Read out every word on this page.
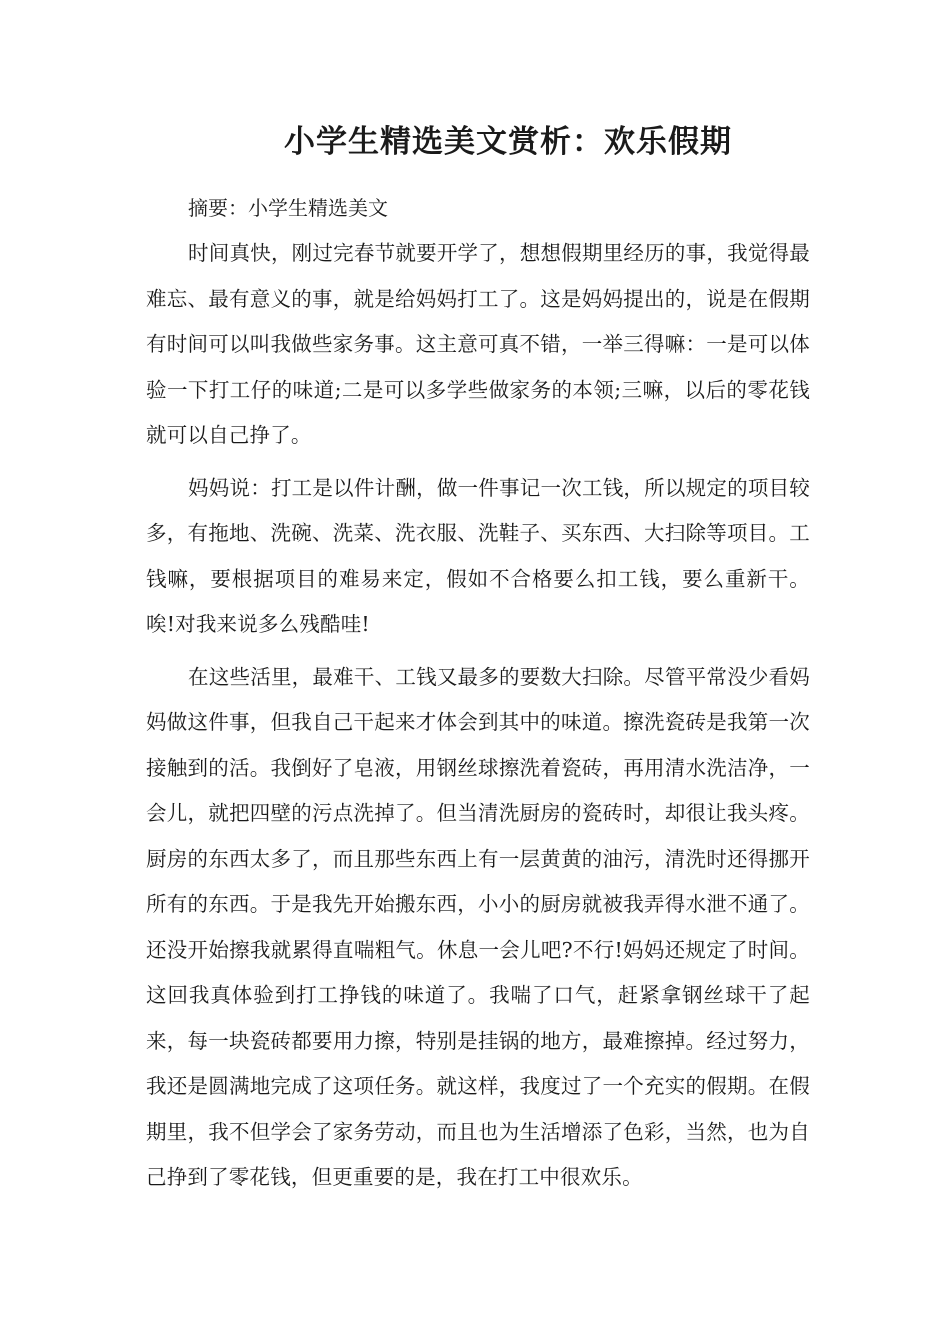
小学生精选美文赏析：欢乐假期

摘要：小学生精选美文

时间真快，刚过完春节就要开学了，想想假期里经历的事，我觉得最难忘、最有意义的事，就是给妈妈打工了。这是妈妈提出的，说是在假期有时间可以叫我做些家务事。这主意可真不错，一举三得嘛：一是可以体验一下打工仔的味道;二是可以多学些做家务的本领;三嘛，以后的零花钱就可以自己挣了。

妈妈说：打工是以件计酬，做一件事记一次工钱，所以规定的项目较多，有拖地、洗碗、洗菜、洗衣服、洗鞋子、买东西、大扫除等项目。工钱嘛，要根据项目的难易来定，假如不合格要么扣工钱，要么重新干。唉!对我来说多么残酷哇!

在这些活里，最难干、工钱又最多的要数大扫除。尽管平常没少看妈妈做这件事，但我自己干起来才体会到其中的味道。擦洗瓷砖是我第一次接触到的活。我倒好了皂液，用钢丝球擦洗着瓷砖，再用清水洗洁净，一会儿，就把四壁的污点洗掉了。但当清洗厨房的瓷砖时，却很让我头疼。厨房的东西太多了，而且那些东西上有一层黄黄的油污，清洗时还得挪开所有的东西。于是我先开始搬东西，小小的厨房就被我弄得水泄不通了。还没开始擦我就累得直喘粗气。休息一会儿吧?不行!妈妈还规定了时间。这回我真体验到打工挣钱的味道了。我喘了口气，赶紧拿钢丝球干了起来，每一块瓷砖都要用力擦，特别是挂锅的地方，最难擦掉。经过努力，我还是圆满地完成了这项任务。就这样，我度过了一个充实的假期。在假期里，我不但学会了家务劳动，而且也为生活增添了色彩，当然，也为自己挣到了零花钱，但更重要的是，我在打工中很欢乐。
